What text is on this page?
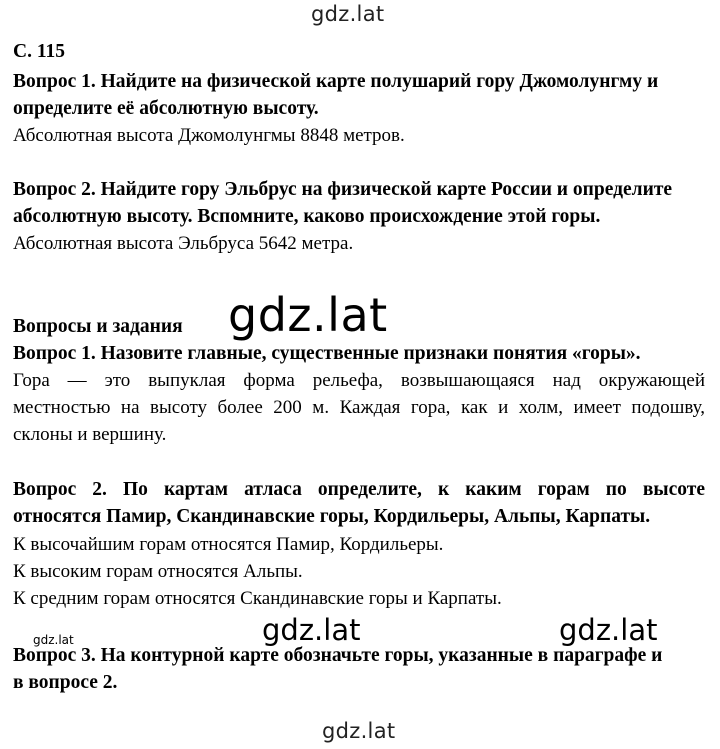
gdz.lat
С. 115
Вопрос 1. Найдите на физической карте полушарий гору Джомолунгму и
определите её абсолютную высоту.
Абсолютная высота Джомолунгмы 8848 метров.
Вопрос 2. Найдите гору Эльбрус на физической карте России и определите
абсолютную высоту. Вспомните, каково происхождение этой горы.
Абсолютная высота Эльбруса 5642 метра.
Вопросы и задания gdz.lat
Вопрос 1. Назовите главные, существенные признаки понятия «горы».
Гора — это выпуклая форма рельефа, возвышающаяся над окружающей
местностью на высоту более 200 м. Каждая гора, как и холм, имеет подошву,
склоны и вершину.
Вопрос 2. По картам атласа определите, к каким горам по высоте
относятся Памир, Скандинавские горы, Кордильеры, Альпы, Карпаты.
К высочайшим горам относятся Памир, Кордильеры.
К высоким горам относятся Альпы.
К средним горам относятся Скандинавские горы и Карпаты.
gdz.lat	gdz.lat
gdz.lat
Вопрос 3. На контурной карте обозначьте горы, указанные в параграфе и
в вопросе 2.
gdz.lat
